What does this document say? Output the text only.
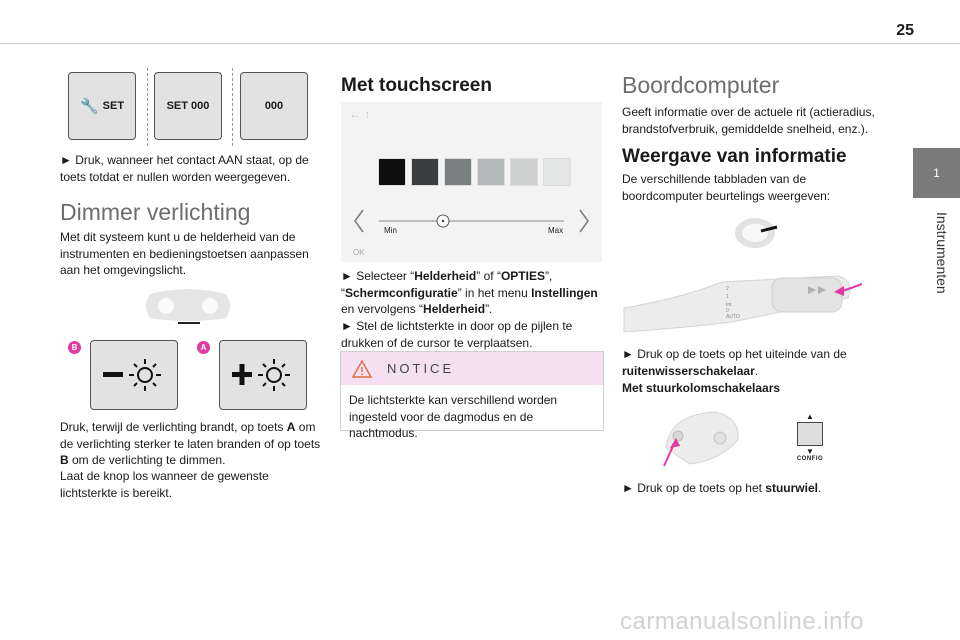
25
1
Instrumenten
🔧 SET	SET 000	000

► Druk, wanneer het contact AAN staat, op de toets totdat er nullen worden weergegeven.

Dimmer verlichting

Met dit systeem kunt u de helderheid van de instrumenten en bedieningstoetsen aanpassen aan het omgevingslicht.

B	A

Druk, terwijl de verlichting brandt, op toets A om de verlichting sterker te laten branden of op toets B om de verlichting te dimmen.

Laat de knop los wanneer de gewenste lichtsterkte is bereikt.

Met touchscreen
← ↑
Min	Max
OK

► Selecteer “Helderheid” of “OPTIES”, “Schermconfiguratie” in het menu Instellingen en vervolgens “Helderheid”.

► Stel de lichtsterkte in door op de pijlen te drukken of de cursor te verplaatsen.

NOTICE

De lichtsterkte kan verschillend worden ingesteld voor de dagmodus en de nachtmodus.

Boordcomputer

Geeft informatie over de actuele rit (actieradius, brandstofverbruik, gemiddelde snelheid, enz.).

Weergave van informatie

De verschillende tabbladen van de boordcomputer beurtelings weergeven:

2
1
Int
0
AUTO

► Druk op de toets op het uiteinde van de ruitenwisserschakelaar.

Met stuurkolomschakelaars
▲
▼
CONFIG

► Druk op de toets op het stuurwiel.

carmanualsonline.info
